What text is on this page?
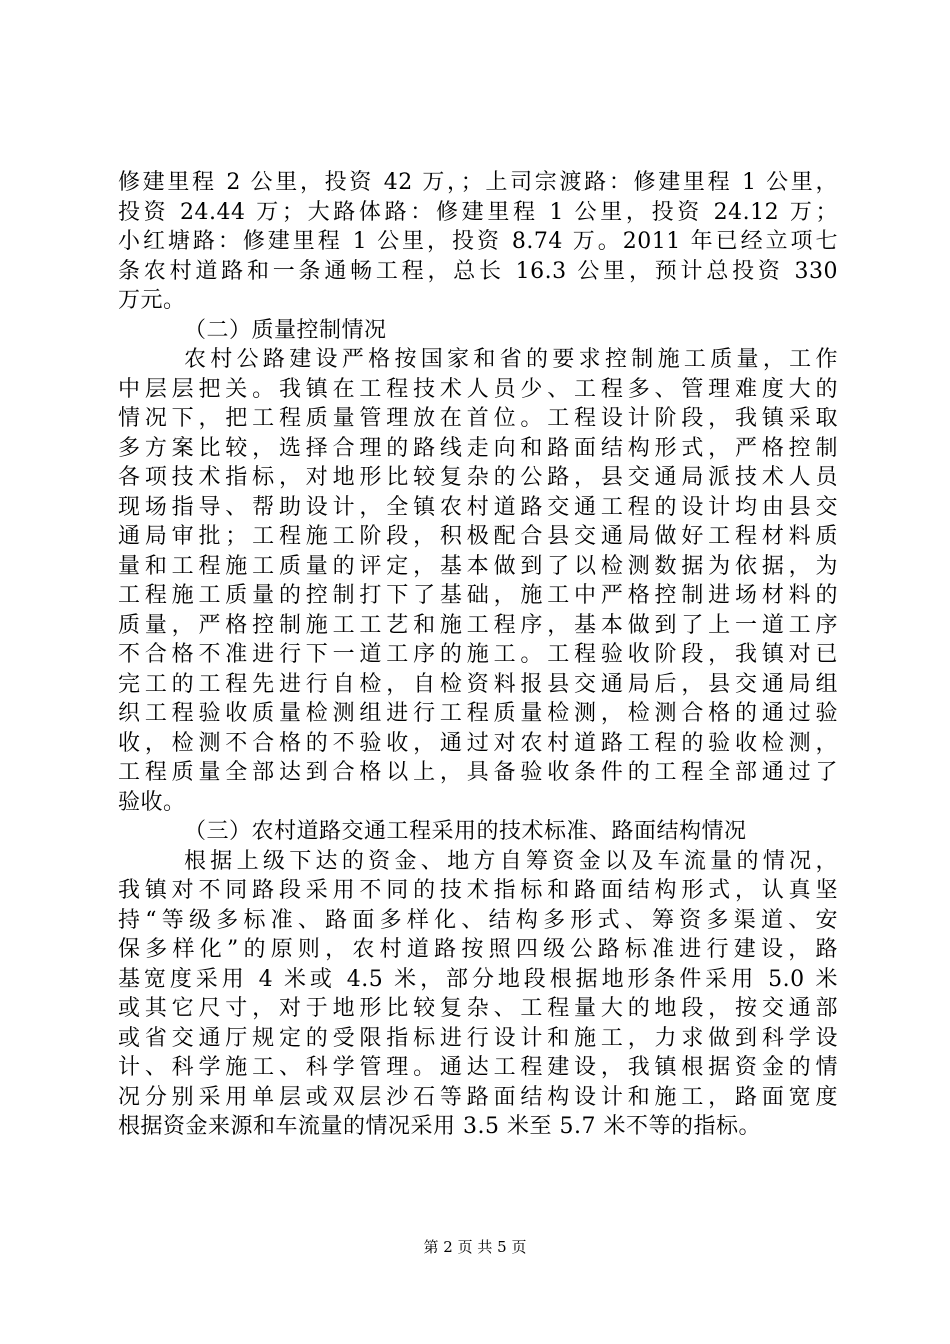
修建里程 2 公里，投资 42 万，；上司宗渡路：修建里程 1 公里，
投资 24.44 万；大路体路：修建里程 1 公里，投资 24.12 万；
小红塘路：修建里程 1 公里，投资 8.74 万。2011 年已经立项七
条农村道路和一条通畅工程，总长 16.3 公里，预计总投资 330
万元。
（二）质量控制情况
农村公路建设严格按国家和省的要求控制施工质量，工作
中层层把关。我镇在工程技术人员少、工程多、管理难度大的
情况下，把工程质量管理放在首位。工程设计阶段，我镇采取
多方案比较，选择合理的路线走向和路面结构形式，严格控制
各项技术指标，对地形比较复杂的公路，县交通局派技术人员
现场指导、帮助设计，全镇农村道路交通工程的设计均由县交
通局审批；工程施工阶段，积极配合县交通局做好工程材料质
量和工程施工质量的评定，基本做到了以检测数据为依据，为
工程施工质量的控制打下了基础，施工中严格控制进场材料的
质量，严格控制施工工艺和施工程序，基本做到了上一道工序
不合格不准进行下一道工序的施工。工程验收阶段，我镇对已
完工的工程先进行自检，自检资料报县交通局后，县交通局组
织工程验收质量检测组进行工程质量检测，检测合格的通过验
收，检测不合格的不验收，通过对农村道路工程的验收检测，
工程质量全部达到合格以上，具备验收条件的工程全部通过了
验收。
（三）农村道路交通工程采用的技术标准、路面结构情况
根据上级下达的资金、地方自筹资金以及车流量的情况，
我镇对不同路段采用不同的技术指标和路面结构形式，认真坚
持“等级多标准、路面多样化、结构多形式、筹资多渠道、安
保多样化”的原则，农村道路按照四级公路标准进行建设，路
基宽度采用 4 米或 4.5 米，部分地段根据地形条件采用 5.0 米
或其它尺寸，对于地形比较复杂、工程量大的地段，按交通部
或省交通厅规定的受限指标进行设计和施工，力求做到科学设
计、科学施工、科学管理。通达工程建设，我镇根据资金的情
况分别采用单层或双层沙石等路面结构设计和施工，路面宽度
根据资金来源和车流量的情况采用 3.5 米至 5.7 米不等的指标。
第 2 页 共 5 页
